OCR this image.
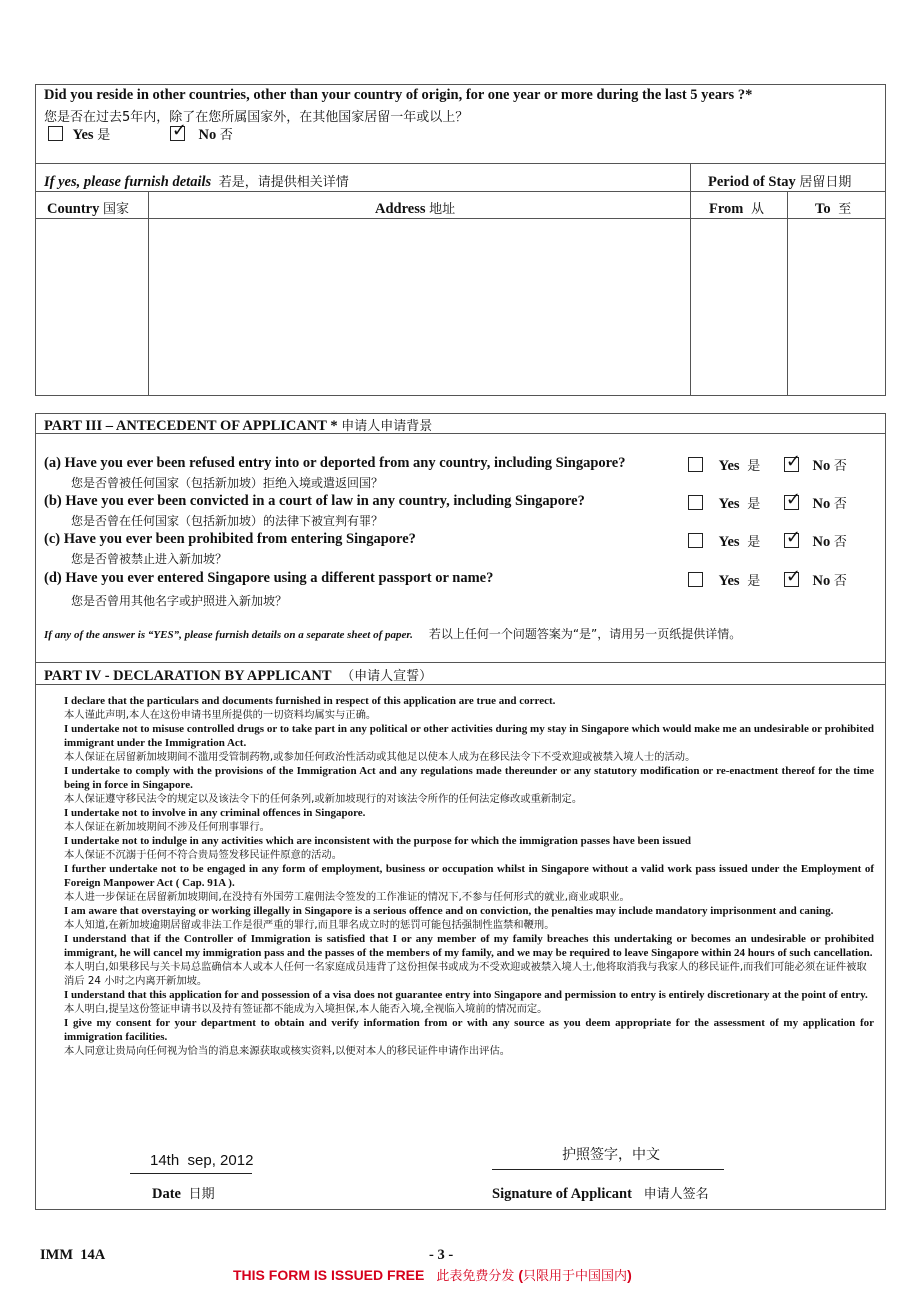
Did you reside in other countries, other than your country of origin, for one year or more during the last 5 years ?*
您是否在过去5年内，除了在您所属国家外，在其他国家居留一年或以上？
Yes 是 ✓	No 否
If yes, please furnish details 若是，请提供相关详情	Period of Stay 居留日期
Country 国家	Address 地址	From 从	To 至
PART III – ANTECEDENT OF APPLICANT * 申请人申请背景
(a) Have you ever been refused entry into or deported from any country, including Singapore?
您是否曾被任何国家（包括新加坡）拒绝入境或遣返回国？
Yes 是 ✓	No 否
(b) Have you ever been convicted in a court of law in any country, including Singapore?
您是否曾在任何国家（包括新加坡）的法律下被宣判有罪？
Yes 是 ✓	No 否
(c) Have you ever been prohibited from entering Singapore?
您是否曾被禁止进入新加坡？
Yes 是 ✓	No 否
(d) Have you ever entered Singapore using a different passport or name?
您是否曾用其他名字或护照进入新加坡？
Yes 是 ✓	No 否
If any of the answer is “YES”, please furnish details on a separate sheet of paper. 若以上任何一个问题答案为“是”，请用另一页纸提供详情。
PART IV - DECLARATION BY APPLICANT （申请人宣誓）
I declare that the particulars and documents furnished in respect of this application are true and correct.
本人谨此声明,本人在这份申请书里所提供的一切资料均属实与正确。
I undertake not to misuse controlled drugs or to take part in any political or other activities during my stay in Singapore which would make me an undesirable or prohibited immigrant under the Immigration Act.
本人保证在居留新加坡期间不滥用受管制药物,或参加任何政治性活动或其他足以使本人成为在移民法令下不受欢迎或被禁入境人士的活动。
I undertake to comply with the provisions of the Immigration Act and any regulations made thereunder or any statutory modification or re-enactment thereof for the time being in force in Singapore.
本人保证遵守移民法令的规定以及该法令下的任何条列,或新加坡现行的对该法令所作的任何法定修改或重新制定。
I undertake not to involve in any criminal offences in Singapore.
本人保证在新加坡期间不涉及任何刑事罪行。
I undertake not to indulge in any activities which are inconsistent with the purpose for which the immigration passes have been issued
本人保证不沉溺于任何不符合贵局签发移民证件原意的活动。
I further undertake not to be engaged in any form of employment, business or occupation whilst in Singapore without a valid work pass issued under the Employment of Foreign Manpower Act ( Cap. 91A ).
本人进一步保证在居留新加坡期间,在没持有外国劳工雇佣法令签发的工作准证的情况下,不参与任何形式的就业,商业或职业。
I am aware that overstaying or working illegally in Singapore is a serious offence and on conviction, the penalties may include mandatory imprisonment and caning.
本人知道,在新加坡逾期居留或非法工作是很严重的罪行,而且罪名成立时的惩罚可能包括强制性监禁和鞭刑。
I understand that if the Controller of Immigration is satisfied that I or any member of my family breaches this undertaking or becomes an undesirable or prohibited immigrant, he will cancel my immigration pass and the passes of the members of my family, and we may be required to leave Singapore within 24 hours of such cancellation.
本人明白,如果移民与关卡局总监确信本人或本人任何一名家庭成员违背了这份担保书或成为不受欢迎或被禁入境人士,他将取消我与我家人的移民证件,而我们可能必须在证件被取消后 24 小时之内离开新加坡。
I understand that this application for and possession of a visa does not guarantee entry into Singapore and permission to entry is entirely discretionary at the point of entry.
本人明白,提呈这份签证申请书以及持有签证都不能成为入境担保,本人能否入境,全视临入境前的情况而定。
I give my consent for your department to obtain and verify information from or with any source as you deem appropriate for the assessment of my application for immigration facilities.
本人同意让贵局向任何视为恰当的消息来源获取或核实资料,以便对本人的移民证件申请作出评估。
14th  sep, 2012
Date 日期
护照签字，中文
Signature of Applicant 申请人签名
IMM  14A	- 3 -
THIS FORM IS ISSUED FREE 此表免费分发 (只限用于中国国内)
